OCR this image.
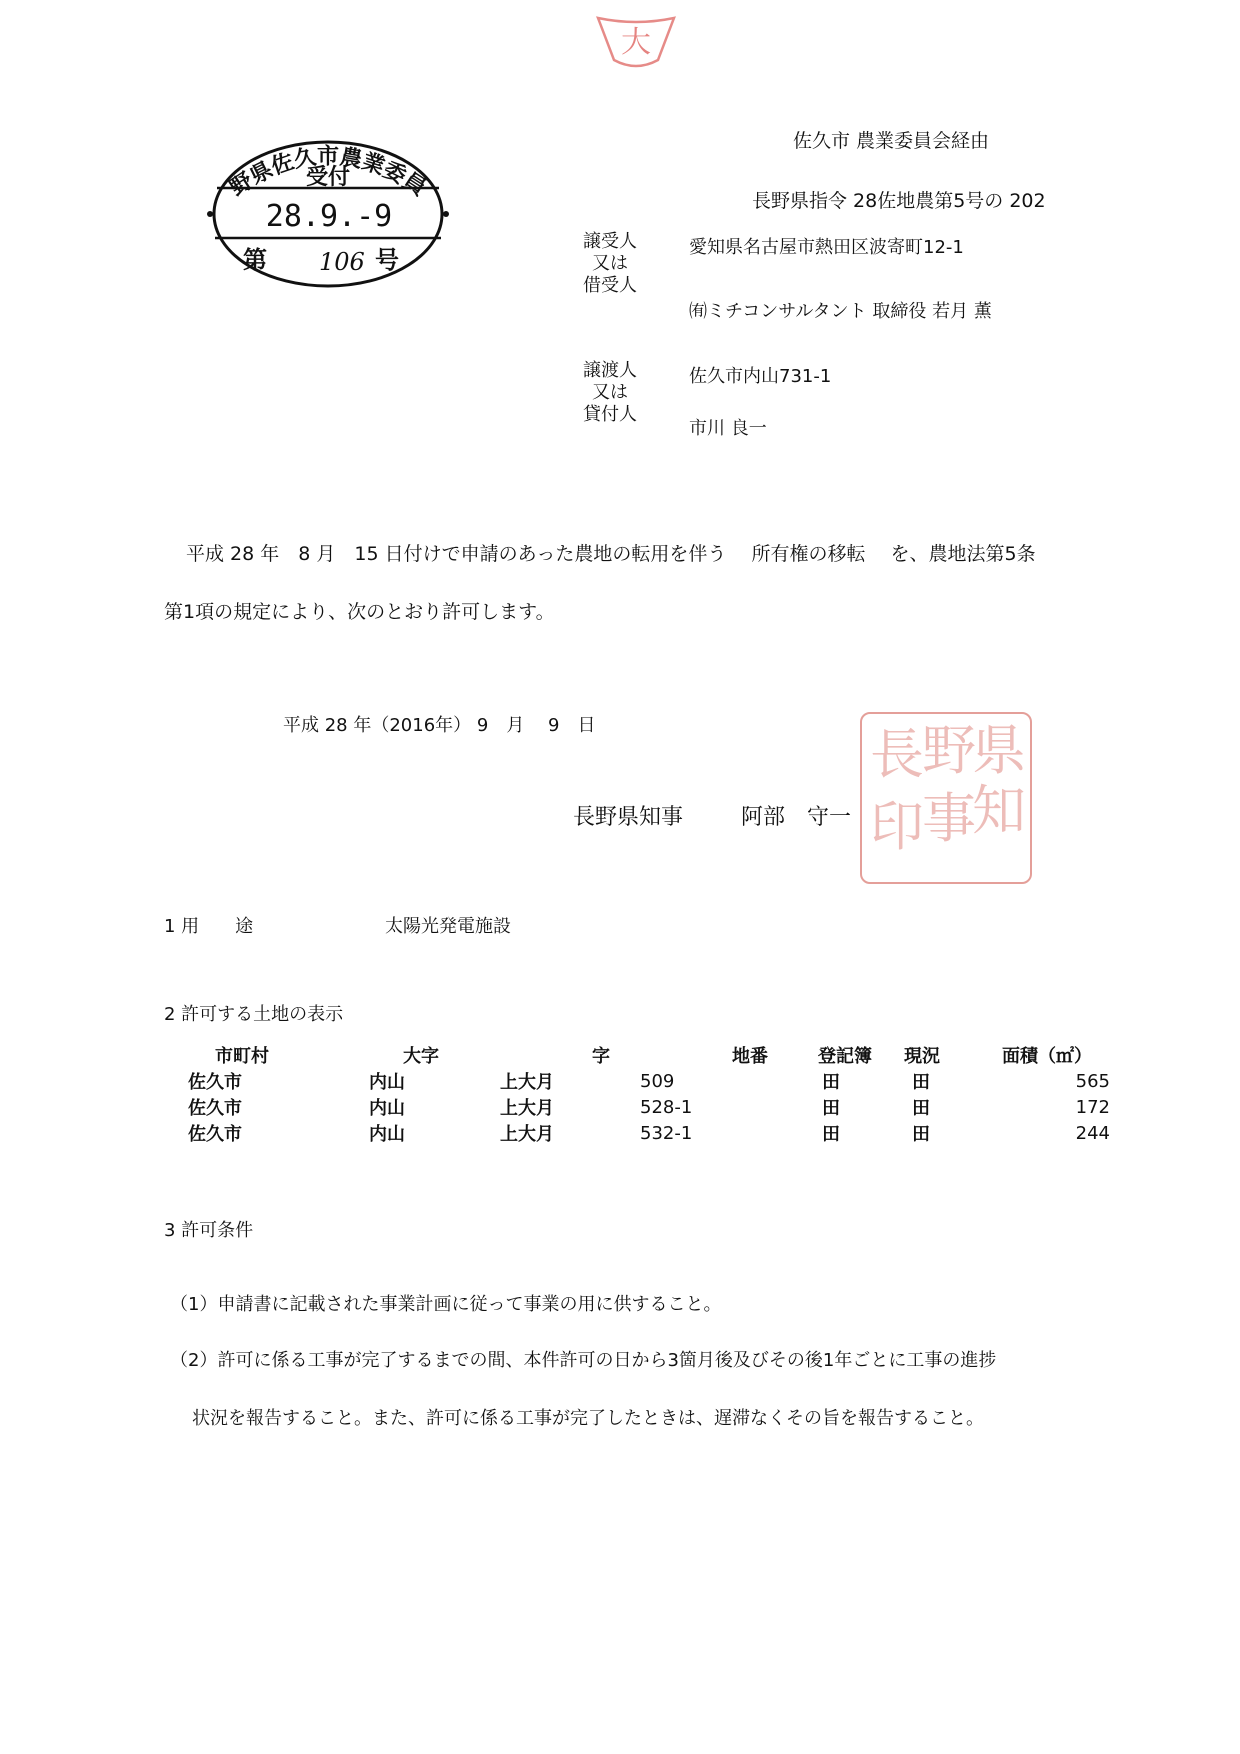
大
佐久市 農業委員会経由
長野県指令 28佐地農第5号の 202
野県佐久市農業委員
受付
28.9.-9
第 106 号
譲受人
又は
借受人
愛知県名古屋市熱田区波寄町12-1
㈲ミチコンサルタント 取締役 若月 薫
譲渡人
又は
貸付人
佐久市内山731-1
市川 良一
平成 28 年　8 月　15 日付けで申請のあった農地の転用を伴う　 所有権の移転　 を、農地法第5条
第1項の規定により、次のとおり許可します。
平成 28 年（2016年） 9　月　 9　日	県
野
長
知
事
印
長野県知事	阿部　守一
1 用　　途	太陽光発電施設
2 許可する土地の表示
市町村	大字	字	地番	登記簿	現況	面積（㎡）
佐久市	内山	上大月	509	田	田	565
佐久市	内山	上大月	528-1	田	田	172
佐久市	内山	上大月	532-1	田	田	244
3 許可条件
（1）申請書に記載された事業計画に従って事業の用に供すること。
（2）許可に係る工事が完了するまでの間、本件許可の日から3箇月後及びその後1年ごとに工事の進捗
状況を報告すること。また、許可に係る工事が完了したときは、遅滞なくその旨を報告すること。
